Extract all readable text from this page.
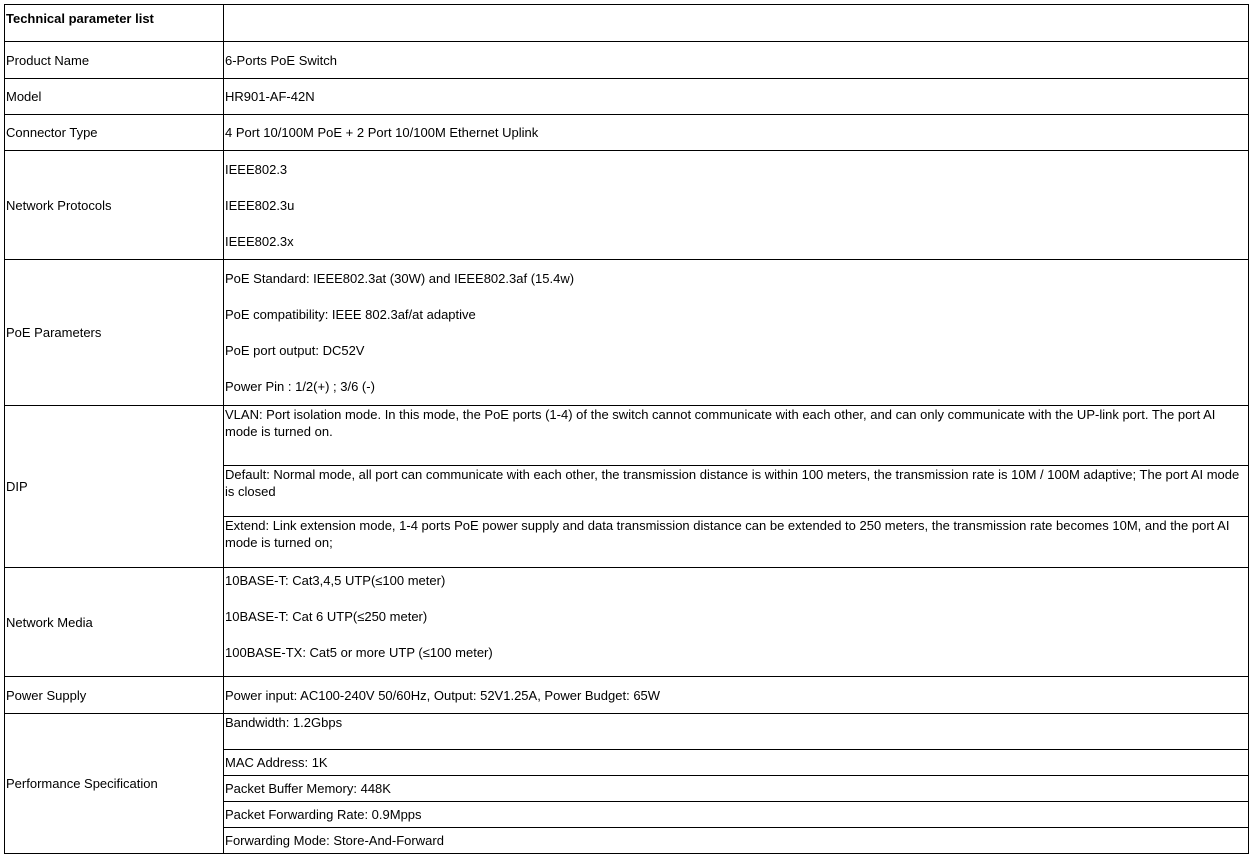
Technical parameter list	
Product Name	6-Ports PoE Switch
Model	HR901-AF-42N
Connector Type	4 Port 10/100M PoE + 2 Port 10/100M Ethernet Uplink
Network Protocols	IEEE802.3
IEEE802.3u
IEEE802.3x

PoE Parameters	PoE Standard: IEEE802.3at (30W) and IEEE802.3af (15.4w)
PoE compatibility: IEEE 802.3af/at adaptive
PoE port output: DC52V
Power Pin : 1/2(+) ; 3/6 (-)

DIP	VLAN: Port isolation mode. In this mode, the PoE ports (1-4) of the switch cannot communicate with each other, and can only communicate with the UP-link port. The port AI mode is turned on.
	Default: Normal mode, all port can communicate with each other, the transmission distance is within 100 meters, the transmission rate is 10M / 100M adaptive; The port AI mode is closed
	Extend: Link extension mode, 1-4 ports PoE power supply and data transmission distance can be extended to 250 meters, the transmission rate becomes 10M, and the port AI mode is turned on;
Network Media	10BASE-T: Cat3,4,5 UTP(≤100 meter)
10BASE-T: Cat 6 UTP(≤250 meter)
100BASE-TX: Cat5 or more UTP (≤100 meter)

Power Supply	Power input: AC100-240V 50/60Hz, Output: 52V1.25A, Power Budget: 65W
Performance Specification	Bandwidth: 1.2Gbps
	MAC Address: 1K
	Packet Buffer Memory: 448K
	Packet Forwarding Rate: 0.9Mpps
	Forwarding Mode: Store-And-Forward
